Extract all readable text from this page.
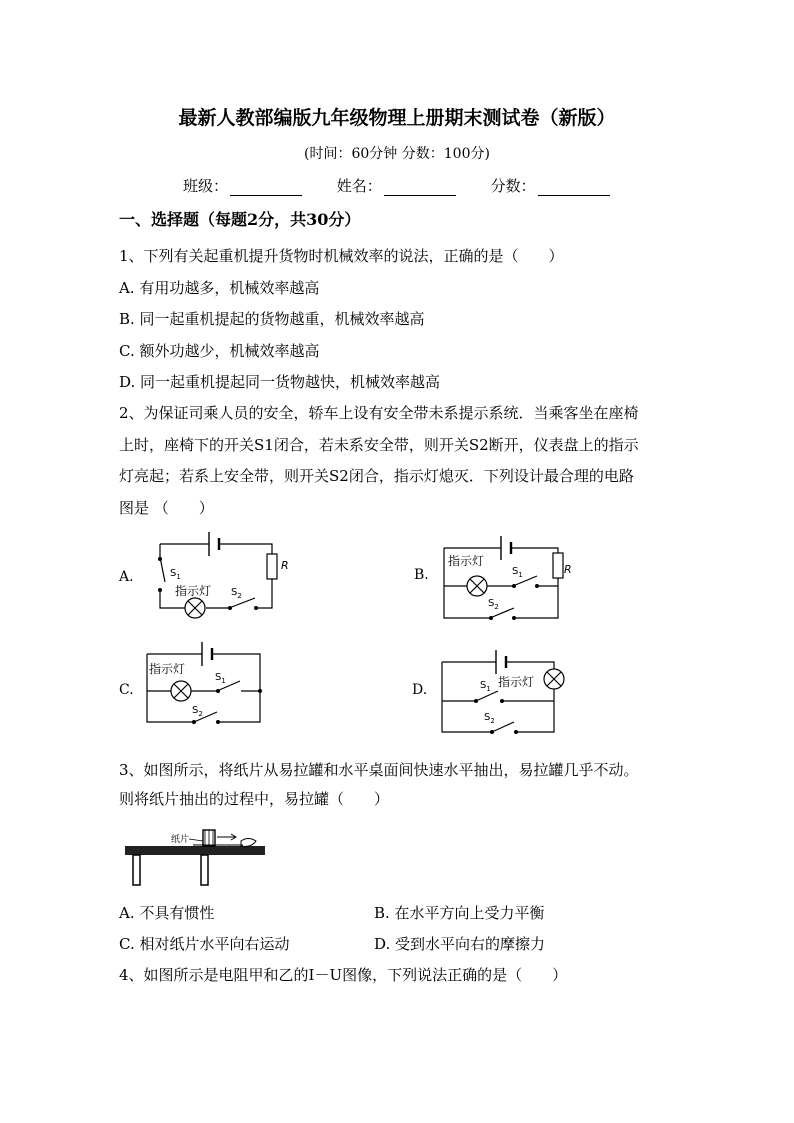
最新人教部编版九年级物理上册期末测试卷（新版）
(时间：60分钟 分数：100分)
班级：	姓名：	分数：
一、选择题（每题2分，共30分）
1、下列有关起重机提升货物时机械效率的说法，正确的是（　　）
A. 有用功越多，机械效率越高
B. 同一起重机提起的货物越重，机械效率越高
C. 额外功越少，机械效率越高
D. 同一起重机提起同一货物越快，机械效率越高
2、为保证司乘人员的安全，轿车上设有安全带未系提示系统．当乘客坐在座椅
上时，座椅下的开关S1闭合，若未系安全带，则开关S2断开，仪表盘上的指示
灯亮起；若系上安全带，则开关S2闭合，指示灯熄灭．下列设计最合理的电路
图是 （　　）
A.
R
$S_1$
指示灯 $S_2$
B.	R
指示灯
$S_1$
$S_2$
C.
指示灯
$S_1$
$S_2$
D.	$S_1$ 指示灯
$S_2$
3、如图所示，将纸片从易拉罐和水平桌面间快速水平抽出，易拉罐几乎不动。
则将纸片抽出的过程中，易拉罐（　　）
纸片
A. 不具有惯性	B. 在水平方向上受力平衡
C. 相对纸片水平向右运动	D. 受到水平向右的摩擦力
4、如图所示是电阻甲和乙的I－U图像，下列说法正确的是（　　）
